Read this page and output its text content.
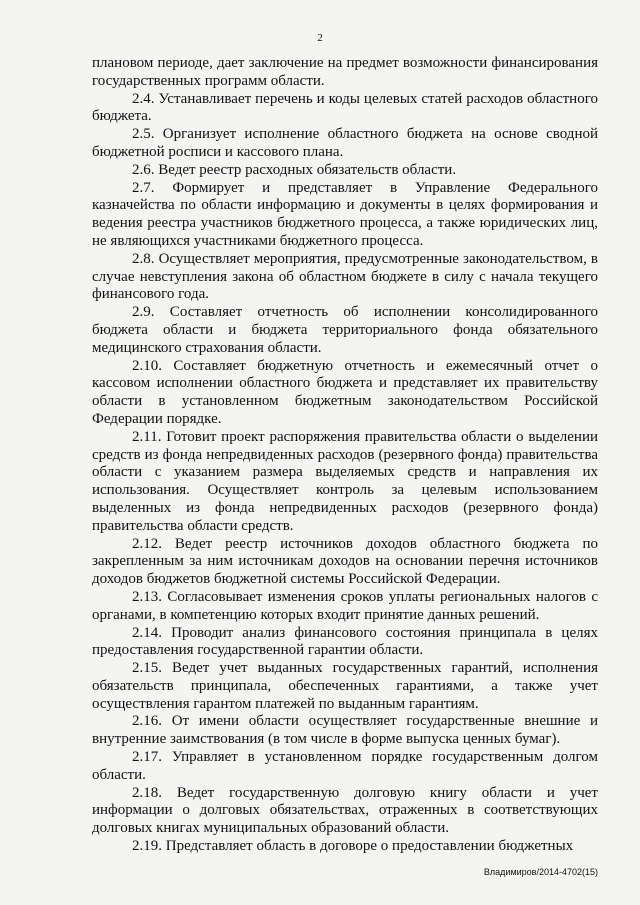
2

плановом периоде, дает заключение на предмет возможности финансирования государственных программ области.

2.4. Устанавливает перечень и коды целевых статей расходов областного бюджета.

2.5. Организует исполнение областного бюджета на основе сводной бюджетной росписи и кассового плана.

2.6. Ведет реестр расходных обязательств области.

2.7. Формирует и представляет в Управление Федерального казначейства по области информацию и документы в целях формирования и ведения реестра участников бюджетного процесса, а также юридических лиц, не являющихся участниками бюджетного процесса.

2.8. Осуществляет мероприятия, предусмотренные законодательством, в случае невступления закона об областном бюджете в силу с начала текущего финансового года.

2.9. Составляет отчетность об исполнении консолидированного бюджета области и бюджета территориального фонда обязательного медицинского страхования области.

2.10. Составляет бюджетную отчетность и ежемесячный отчет о кассовом исполнении областного бюджета и представляет их правительству области в установленном бюджетным законодательством Российской Федерации порядке.

2.11. Готовит проект распоряжения правительства области о выделении средств из фонда непредвиденных расходов (резервного фонда) правительства области с указанием размера выделяемых средств и направления их использования. Осуществляет контроль за целевым использованием выделенных из фонда непредвиденных расходов (резервного фонда) правительства области средств.

2.12. Ведет реестр источников доходов областного бюджета по закрепленным за ним источникам доходов на основании перечня источников доходов бюджетов бюджетной системы Российской Федерации.

2.13. Согласовывает изменения сроков уплаты региональных налогов с органами, в компетенцию которых входит принятие данных решений.

2.14. Проводит анализ финансового состояния принципала в целях предоставления государственной гарантии области.

2.15. Ведет учет выданных государственных гарантий, исполнения обязательств принципала, обеспеченных гарантиями, а также учет осуществления гарантом платежей по выданным гарантиям.

2.16. От имени области осуществляет государственные внешние и внутренние заимствования (в том числе в форме выпуска ценных бумаг).

2.17. Управляет в установленном порядке государственным долгом области.

2.18. Ведет государственную долговую книгу области и учет информации о долговых обязательствах, отраженных в соответствующих долговых книгах муниципальных образований области.

2.19. Представляет область в договоре о предоставлении бюджетных

Владимиров/2014-4702(15)
